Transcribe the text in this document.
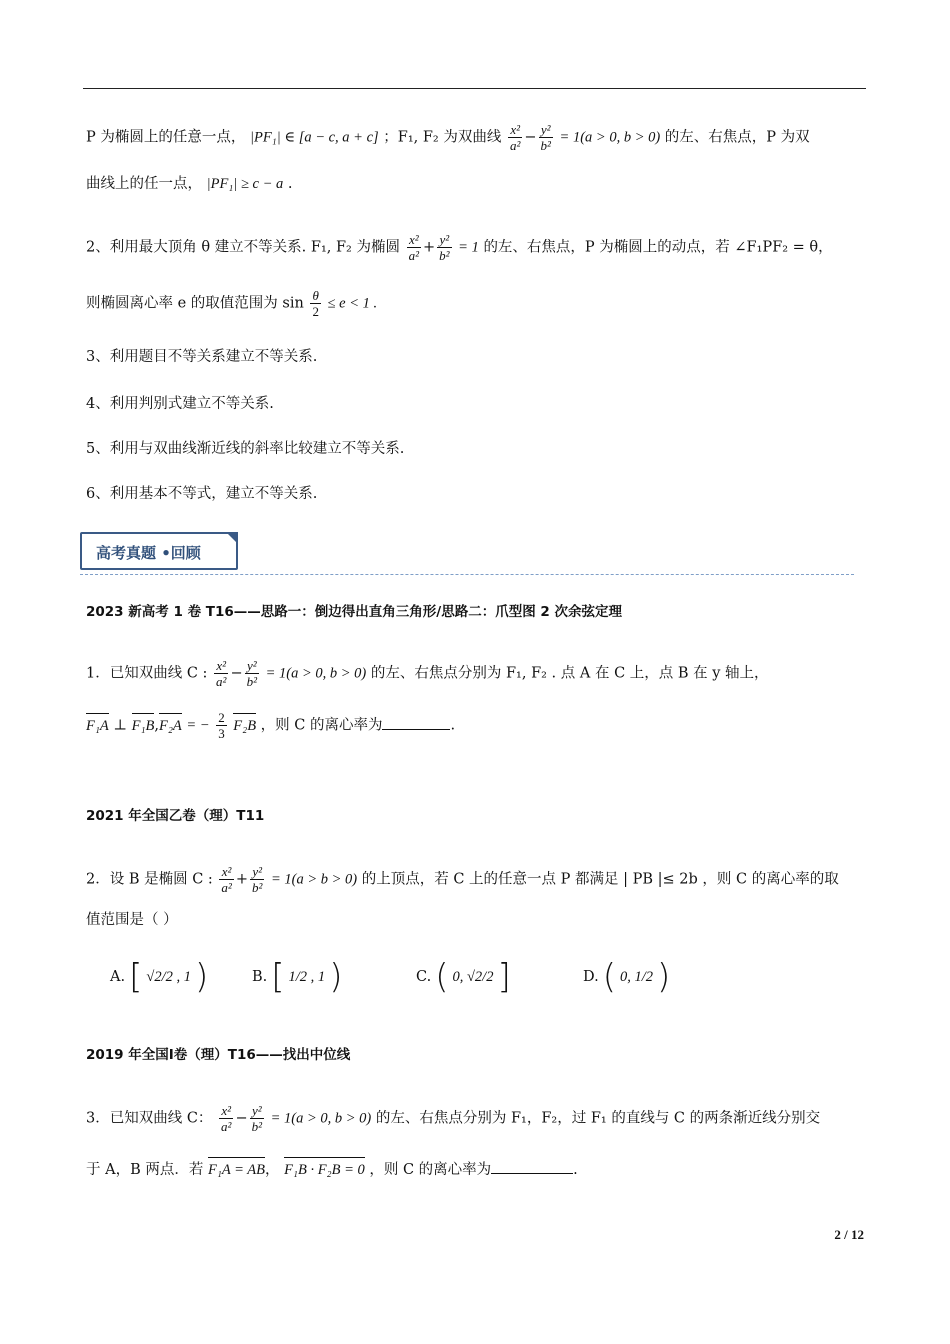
P 为椭圆上的任意一点， |PF₁| ∈ [a − c, a + c] ；F₁, F₂ 为双曲线 $\frac{\text{x²}}{\text{a²}} - \frac{\text{y²}}{\text{b²}} = 1(a > 0$, b > 0) 的左、右焦点，P 为双
曲线上的任一点， |PF₁| ≥ c − a .
2、利用最大顶角 θ 建立不等关系. F₁, F₂ 为椭圆 $\frac{\text{x²}}{\text{a²}} + \frac{\text{y²}}{\text{b²}} = 1$ 的左、右焦点，P 为椭圆上的动点，若 ∠F₁PF₂ = θ，
则椭圆离心率 e 的取值范围为 $\sin \frac{\theta}{2} \le e < 1$ .
3、利用题目不等关系建立不等关系.
4、利用判别式建立不等关系.
5、利用与双曲线渐近线的斜率比较建立不等关系.
6、利用基本不等式，建立不等关系.
高考真题 •回顾
2023 新高考 1 卷 T16——思路一：倒边得出直角三角形/思路二：爪型图 2 次余弦定理
1．已知双曲线 C : $\frac{\text{x²}}{\text{a²}} - \frac{\text{y²}}{\text{b²}} = 1(a > 0$, b > 0) 的左、右焦点分别为 F₁, F₂ . 点 A 在 C 上，点 B 在 y 轴上，
F₁A ⊥ F₁B,F₂A = − $\frac{2}{3} F_2B$ ，则 C 的离心率为	.
2021 年全国乙卷（理）T11
2．设 B 是椭圆 C : $\frac{\text{x²}}{\text{a²}} + \frac{\text{y²}}{\text{b²}} = 1(a > b > 0)$ 的上顶点，若 C 上的任意一点 P 都满足 | PB |≤ 2b ，则 C 的离心率的取
值范围是（ ）
A. [ √2/2 , 1 )	B. [ 1/2 , 1 )	C. ( 0, √2/2 ]	D. ( 0, 1/2 )
2019 年全国Ⅰ卷（理）T16——找出中位线
3．已知双曲线 C： $\frac{\text{x²}}{\text{a²}} - \frac{\text{y²}}{\text{b²}} = 1(a > 0$, b > 0) 的左、右焦点分别为 F₁，F₂，过 F₁ 的直线与 C 的两条渐近线分别交
于 A，B 两点．若 F₁A = AB， F₁B · F₂B = 0 ，则 C 的离心率为	.
2 / 12
